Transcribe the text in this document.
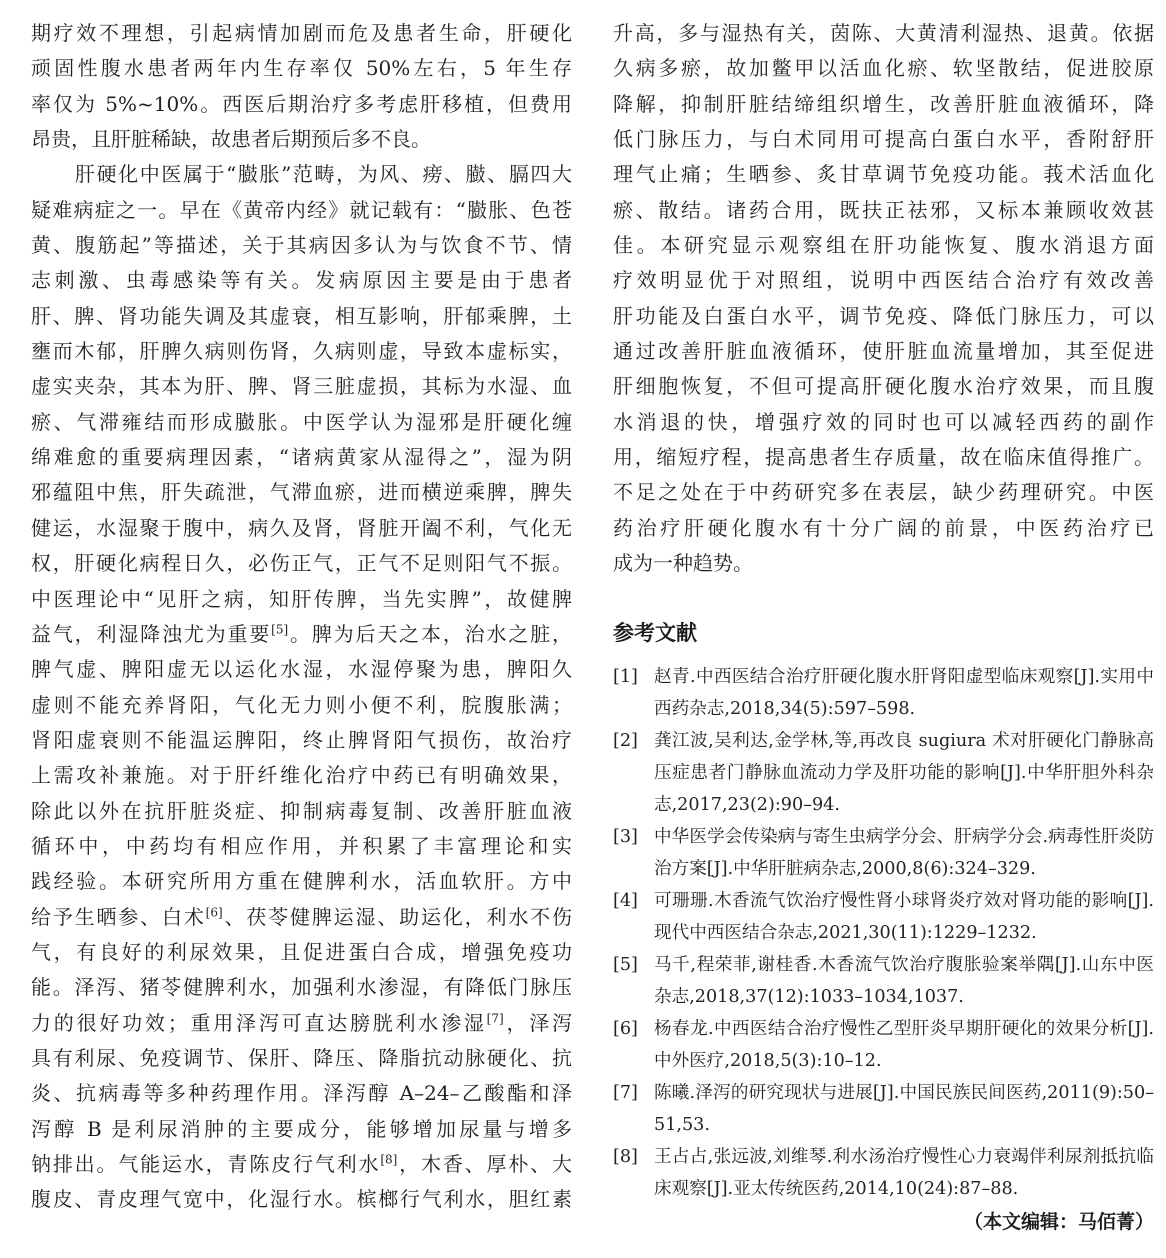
期疗效不理想，引起病情加剧而危及患者生命，肝硬化
顽固性腹水患者两年内生存率仅 50%左右，5 年生存
率仅为 5%~10%。西医后期治疗多考虑肝移植，但费用
昂贵，且肝脏稀缺，故患者后期预后多不良。
肝硬化中医属于“臌胀”范畴，为风、痨、臌、膈四大
疑难病症之一。早在《黄帝内经》就记载有：“臌胀、色苍
黄、腹筋起”等描述，关于其病因多认为与饮食不节、情
志刺激、虫毒感染等有关。发病原因主要是由于患者
肝、脾、肾功能失调及其虚衰，相互影响，肝郁乘脾，土
壅而木郁，肝脾久病则伤肾，久病则虚，导致本虚标实，
虚实夹杂，其本为肝、脾、肾三脏虚损，其标为水湿、血
瘀、气滞雍结而形成臌胀。中医学认为湿邪是肝硬化缠
绵难愈的重要病理因素，“诸病黄家从湿得之”，湿为阴
邪蕴阻中焦，肝失疏泄，气滞血瘀，进而横逆乘脾，脾失
健运，水湿聚于腹中，病久及肾，肾脏开阖不利，气化无
权，肝硬化病程日久，必伤正气，正气不足则阳气不振。
中医理论中“见肝之病，知肝传脾，当先实脾”，故健脾
益气，利湿降浊尤为重要[5]。脾为后天之本，治水之脏，
脾气虚、脾阳虚无以运化水湿，水湿停聚为患，脾阳久
虚则不能充养肾阳，气化无力则小便不利，脘腹胀满；
肾阳虚衰则不能温运脾阳，终止脾肾阳气损伤，故治疗
上需攻补兼施。对于肝纤维化治疗中药已有明确效果，
除此以外在抗肝脏炎症、抑制病毒复制、改善肝脏血液
循环中，中药均有相应作用，并积累了丰富理论和实
践经验。本研究所用方重在健脾利水，活血软肝。方中
给予生晒参、白术[6]、茯苓健脾运湿、助运化，利水不伤
气，有良好的利尿效果，且促进蛋白合成，增强免疫功
能。泽泻、猪苓健脾利水，加强利水渗湿，有降低门脉压
力的很好功效；重用泽泻可直达膀胱利水渗湿[7]，泽泻
具有利尿、免疫调节、保肝、降压、降脂抗动脉硬化、抗
炎、抗病毒等多种药理作用。泽泻醇 A–24–乙酸酯和泽
泻醇 B 是利尿消肿的主要成分，能够增加尿量与增多
钠排出。气能运水，青陈皮行气利水[8]，木香、厚朴、大
腹皮、青皮理气宽中，化湿行水。槟榔行气利水，胆红素
升高，多与湿热有关，茵陈、大黄清利湿热、退黄。依据
久病多瘀，故加鳖甲以活血化瘀、软坚散结，促进胶原
降解，抑制肝脏结缔组织增生，改善肝脏血液循环，降
低门脉压力，与白术同用可提高白蛋白水平，香附舒肝
理气止痛；生晒参、炙甘草调节免疫功能。莪术活血化
瘀、散结。诸药合用，既扶正祛邪，又标本兼顾收效甚
佳。本研究显示观察组在肝功能恢复、腹水消退方面
疗效明显优于对照组，说明中西医结合治疗有效改善
肝功能及白蛋白水平，调节免疫、降低门脉压力，可以
通过改善肝脏血液循环，使肝脏血流量增加，其至促进
肝细胞恢复，不但可提高肝硬化腹水治疗效果，而且腹
水消退的快，增强疗效的同时也可以减轻西药的副作
用，缩短疗程，提高患者生存质量，故在临床值得推广。
不足之处在于中药研究多在表层，缺少药理研究。中医
药治疗肝硬化腹水有十分广阔的前景，中医药治疗已
成为一种趋势。
参考文献
[1] 赵青.中西医结合治疗肝硬化腹水肝肾阳虚型临床观察[J].实用中西药杂志,2018,34(5):597–598.
[2] 龚江波,吴利达,金学林,等,再改良 sugiura 术对肝硬化门静脉高压症患者门静脉血流动力学及肝功能的影响[J].中华肝胆外科杂志,2017,23(2):90–94.
[3] 中华医学会传染病与寄生虫病学分会、肝病学分会.病毒性肝炎防治方案[J].中华肝脏病杂志,2000,8(6):324–329.
[4] 可珊珊.木香流气饮治疗慢性肾小球肾炎疗效对肾功能的影响[J].现代中西医结合杂志,2021,30(11):1229–1232.
[5] 马千,程荣菲,谢桂香.木香流气饮治疗腹胀验案举隅[J].山东中医杂志,2018,37(12):1033–1034,1037.
[6] 杨春龙.中西医结合治疗慢性乙型肝炎早期肝硬化的效果分析[J].中外医疗,2018,5(3):10–12.
[7] 陈曦.泽泻的研究现状与进展[J].中国民族民间医药,2011(9):50–51,53.
[8] 王占占,张远波,刘维琴.利水汤治疗慢性心力衰竭伴利尿剂抵抗临床观察[J].亚太传统医药,2014,10(24):87–88.
（本文编辑：马佰菁）
